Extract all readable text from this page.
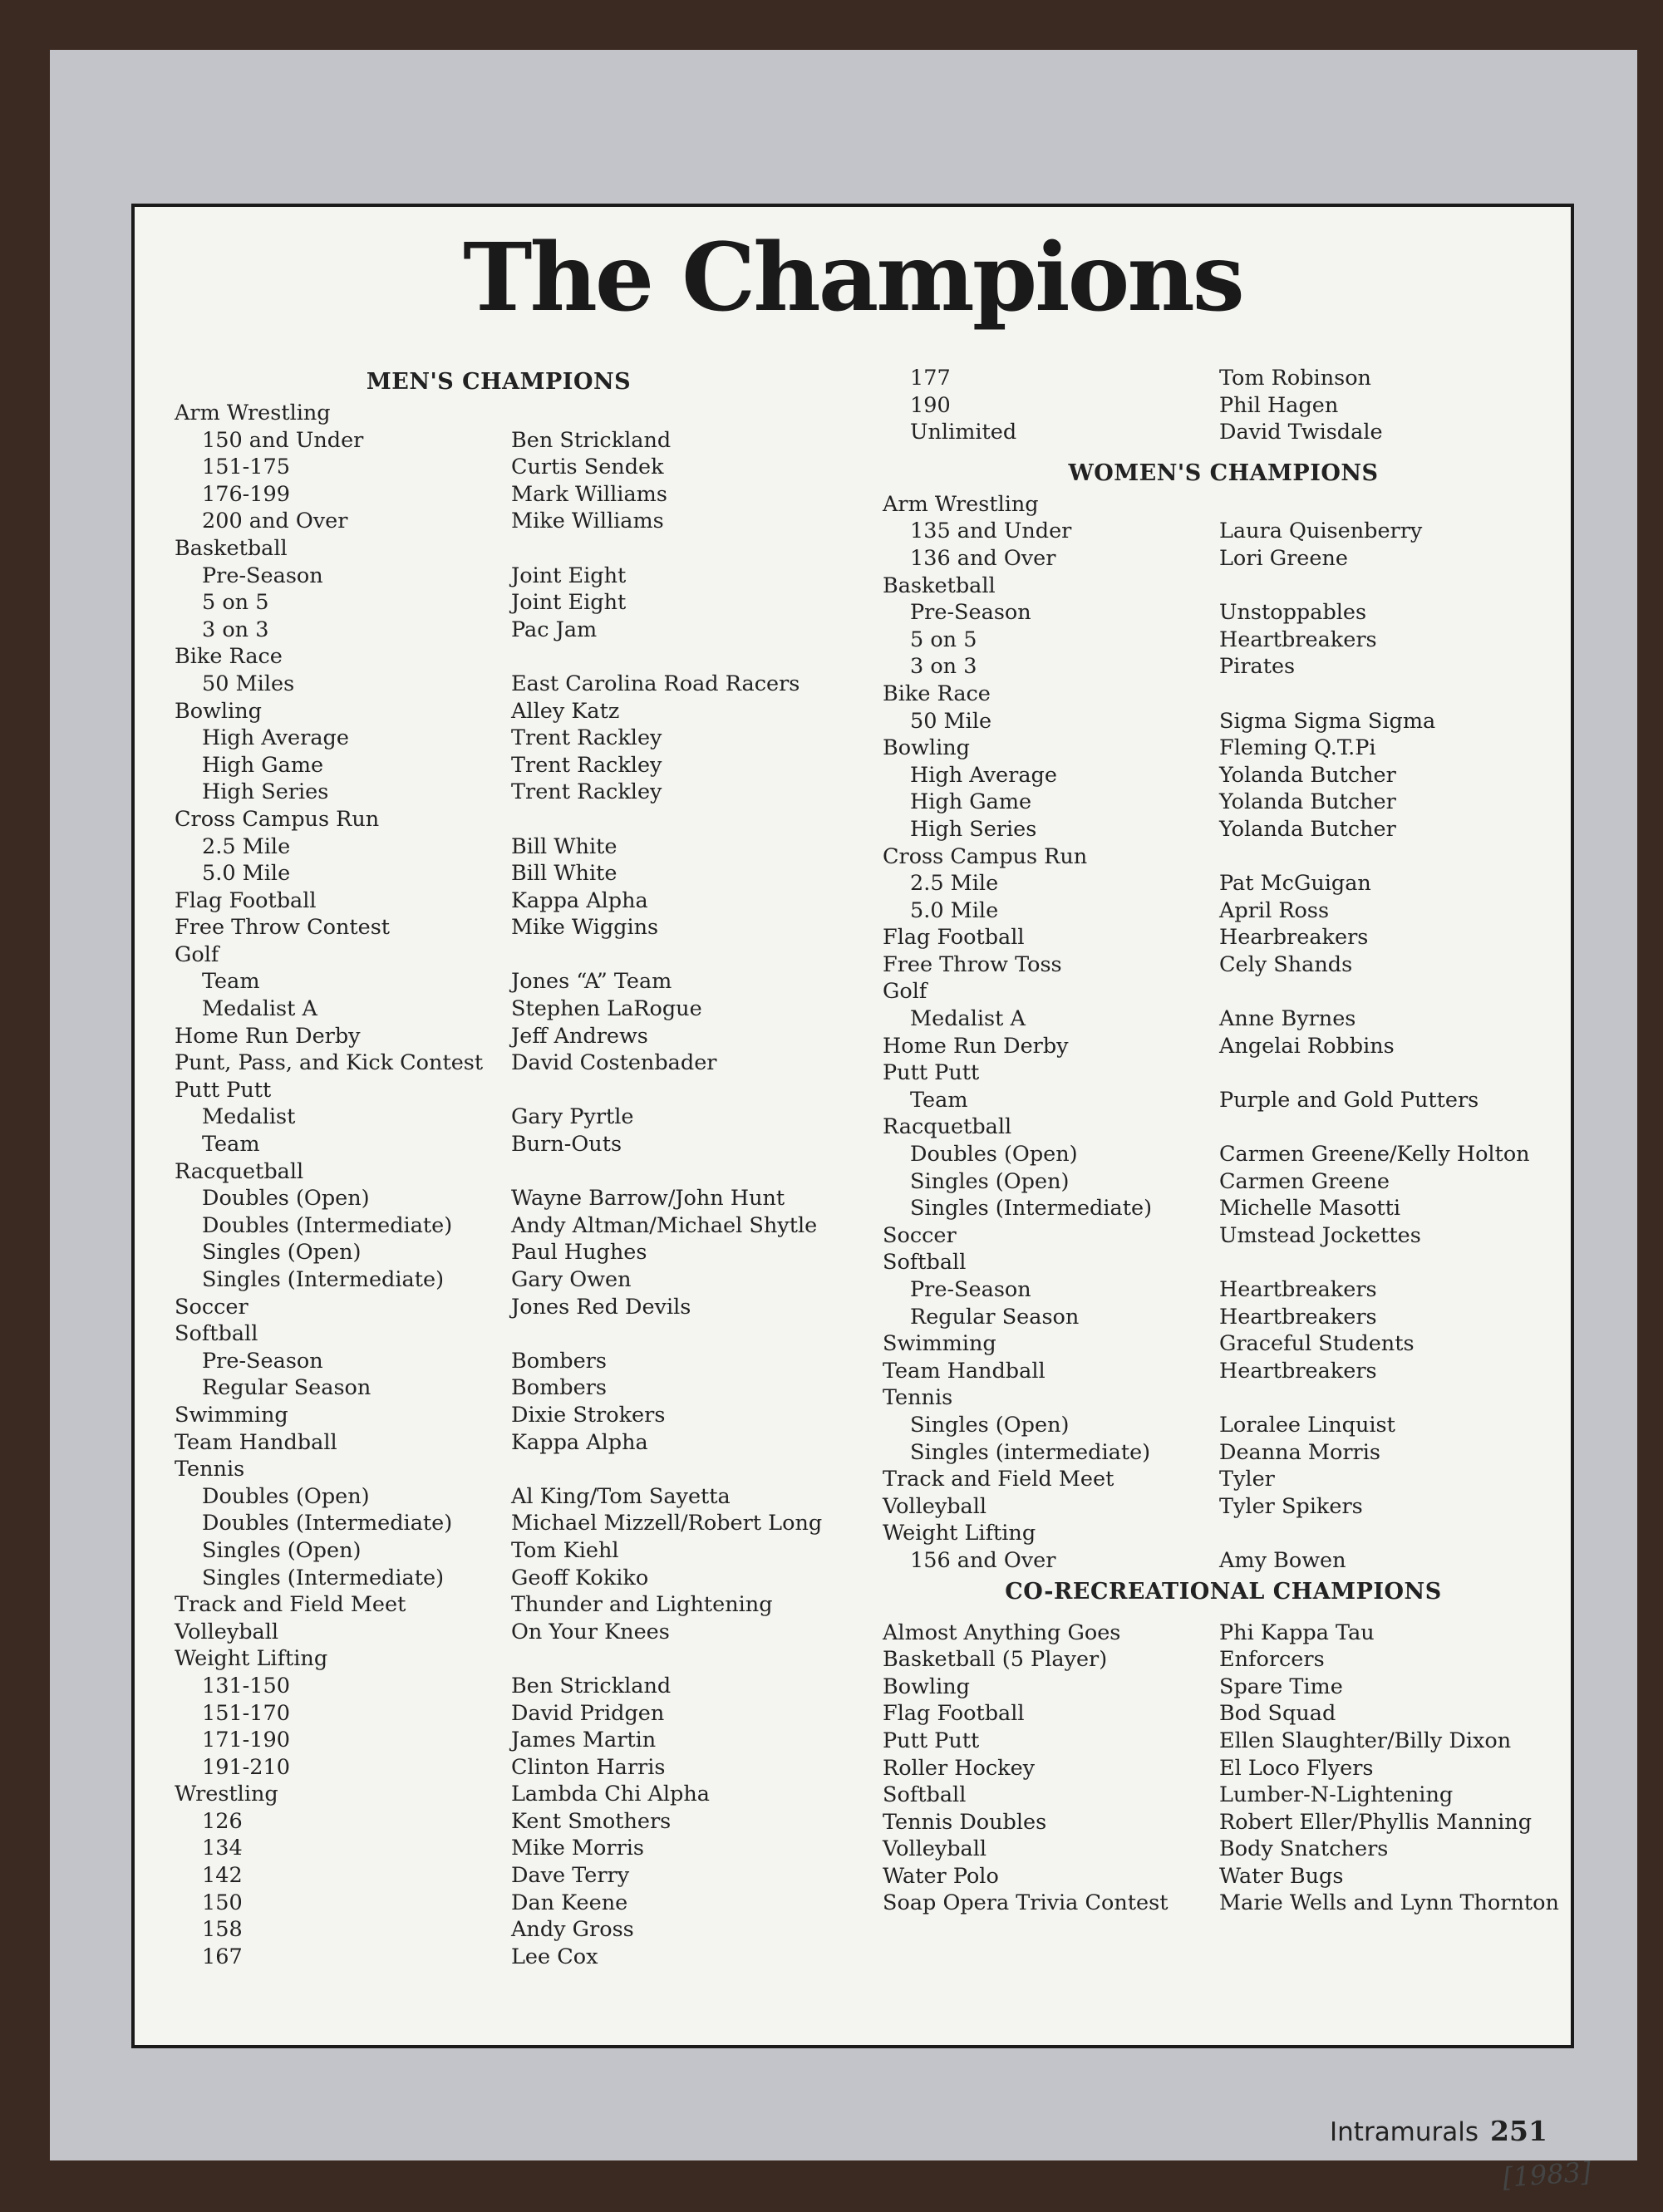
The Champions
MEN'S CHAMPIONS
Arm Wrestling
150 and Under	Ben Strickland
151-175	Curtis Sendek
176-199	Mark Williams
200 and Over	Mike Williams
Basketball
Pre-Season	Joint Eight
5 on 5	Joint Eight
3 on 3	Pac Jam
Bike Race
50 Miles	East Carolina Road Racers
Bowling	Alley Katz
High Average	Trent Rackley
High Game	Trent Rackley
High Series	Trent Rackley
Cross Campus Run
2.5 Mile	Bill White
5.0 Mile	Bill White
Flag Football	Kappa Alpha
Free Throw Contest	Mike Wiggins
Golf
Team	Jones “A” Team
Medalist A	Stephen LaRogue
Home Run Derby	Jeff Andrews
Punt, Pass, and Kick Contest	David Costenbader
Putt Putt
Medalist	Gary Pyrtle
Team	Burn-Outs
Racquetball
Doubles (Open)	Wayne Barrow/John Hunt
Doubles (Intermediate)	Andy Altman/Michael Shytle
Singles (Open)	Paul Hughes
Singles (Intermediate)	Gary Owen
Soccer	Jones Red Devils
Softball
Pre-Season	Bombers
Regular Season	Bombers
Swimming	Dixie Strokers
Team Handball	Kappa Alpha
Tennis
Doubles (Open)	Al King/Tom Sayetta
Doubles (Intermediate)	Michael Mizzell/Robert Long
Singles (Open)	Tom Kiehl
Singles (Intermediate)	Geoff Kokiko
Track and Field Meet	Thunder and Lightening
Volleyball	On Your Knees
Weight Lifting
131-150	Ben Strickland
151-170	David Pridgen
171-190	James Martin
191-210	Clinton Harris
Wrestling	Lambda Chi Alpha
126	Kent Smothers
134	Mike Morris
142	Dave Terry
150	Dan Keene
158	Andy Gross
167	Lee Cox
177	Tom Robinson
190	Phil Hagen
Unlimited	David Twisdale
WOMEN'S CHAMPIONS
Arm Wrestling
135 and Under	Laura Quisenberry
136 and Over	Lori Greene
Basketball
Pre-Season	Unstoppables
5 on 5	Heartbreakers
3 on 3	Pirates
Bike Race
50 Mile	Sigma Sigma Sigma
Bowling	Fleming Q.T.Pi
High Average	Yolanda Butcher
High Game	Yolanda Butcher
High Series	Yolanda Butcher
Cross Campus Run
2.5 Mile	Pat McGuigan
5.0 Mile	April Ross
Flag Football	Hearbreakers
Free Throw Toss	Cely Shands
Golf
Medalist A	Anne Byrnes
Home Run Derby	Angelai Robbins
Putt Putt
Team	Purple and Gold Putters
Racquetball
Doubles (Open)	Carmen Greene/Kelly Holton
Singles (Open)	Carmen Greene
Singles (Intermediate)	Michelle Masotti
Soccer	Umstead Jockettes
Softball
Pre-Season	Heartbreakers
Regular Season	Heartbreakers
Swimming	Graceful Students
Team Handball	Heartbreakers
Tennis
Singles (Open)	Loralee Linquist
Singles (intermediate)	Deanna Morris
Track and Field Meet	Tyler
Volleyball	Tyler Spikers
Weight Lifting
156 and Over	Amy Bowen
CO-RECREATIONAL CHAMPIONS
Almost Anything Goes	Phi Kappa Tau
Basketball (5 Player)	Enforcers
Bowling	Spare Time
Flag Football	Bod Squad
Putt Putt	Ellen Slaughter/Billy Dixon
Roller Hockey	El Loco Flyers
Softball	Lumber-N-Lightening
Tennis Doubles	Robert Eller/Phyllis Manning
Volleyball	Body Snatchers
Water Polo	Water Bugs
Soap Opera Trivia Contest	Marie Wells and Lynn Thornton
Intramurals 251
[1983]
